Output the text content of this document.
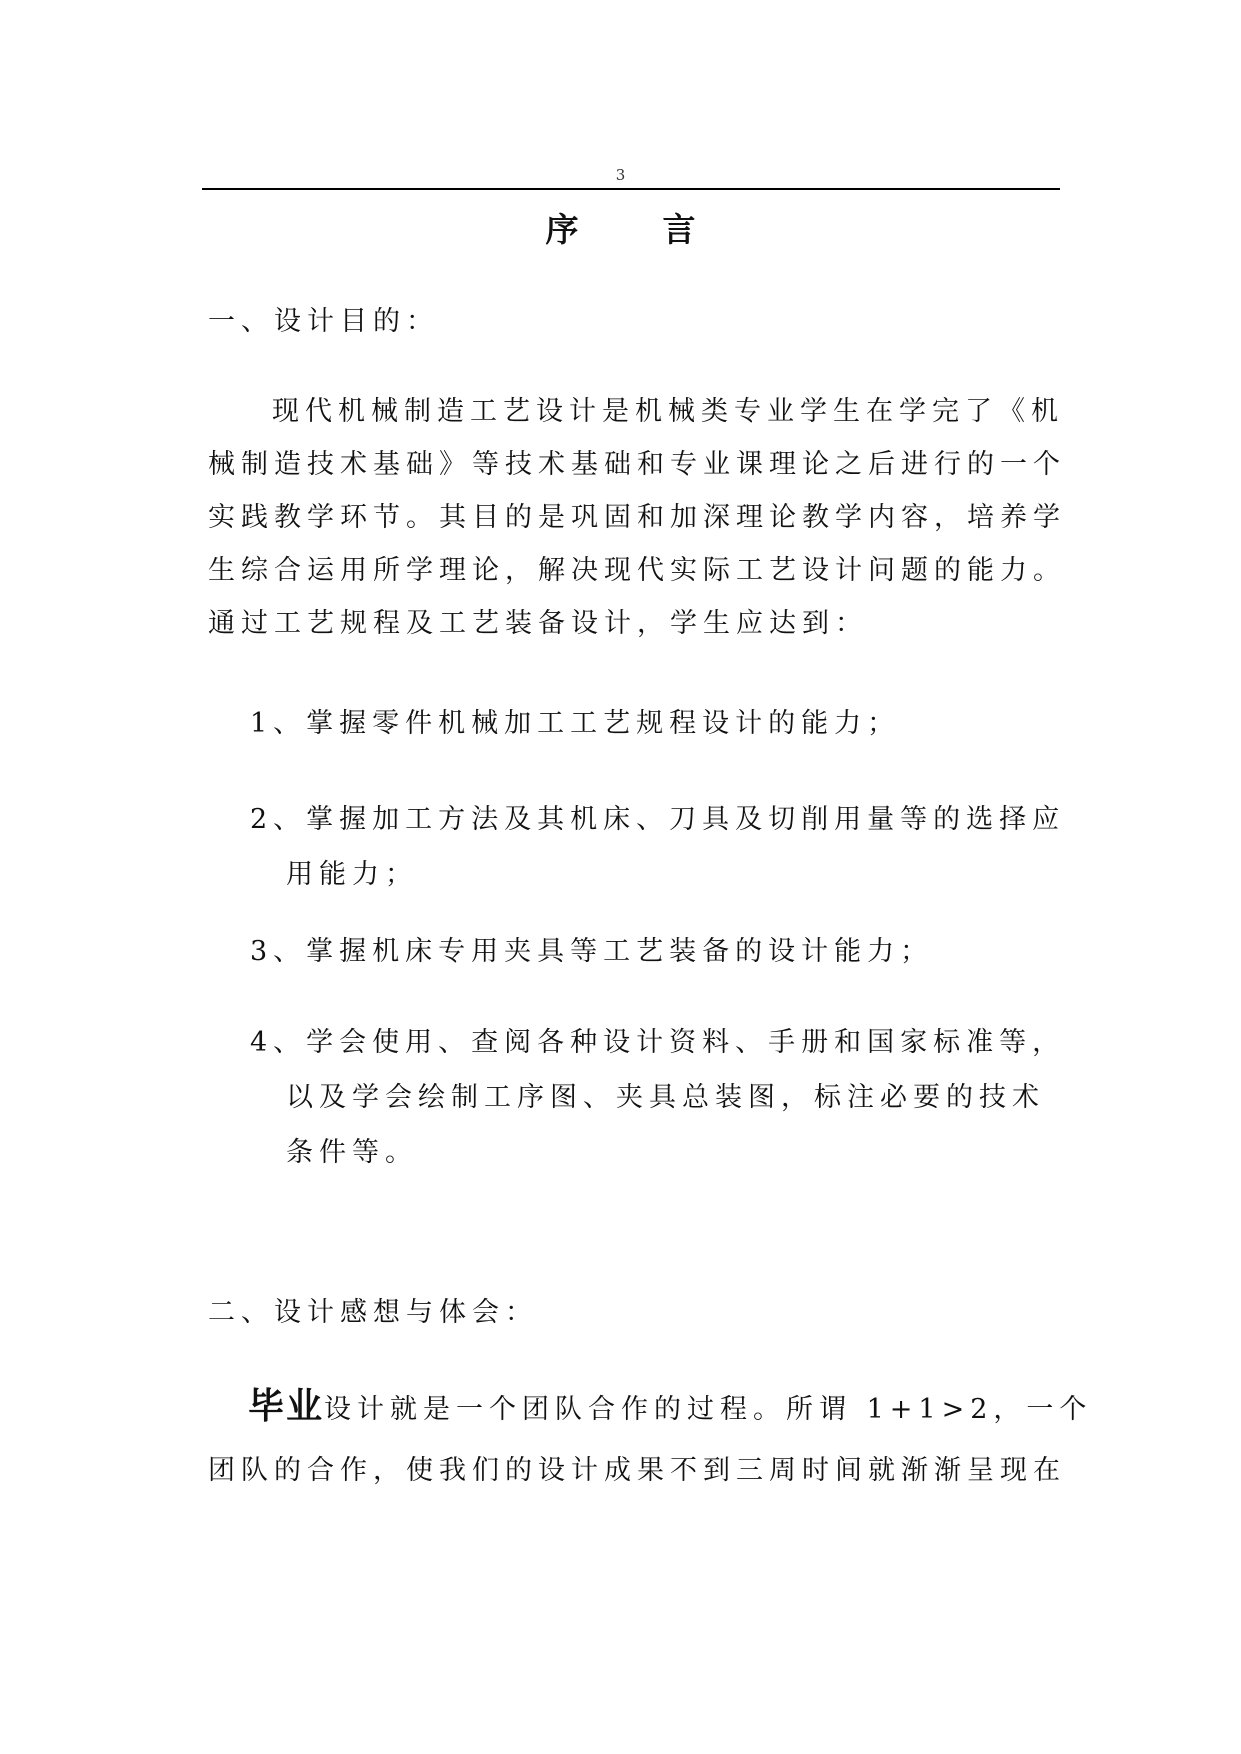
3
序	言
一、设计目的：
现代机械制造工艺设计是机械类专业学生在学完了《机
械制造技术基础》等技术基础和专业课理论之后进行的一个
实践教学环节。其目的是巩固和加深理论教学内容，培养学
生综合运用所学理论，解决现代实际工艺设计问题的能力。
通过工艺规程及工艺装备设计，学生应达到：
1、掌握零件机械加工工艺规程设计的能力；
2、掌握加工方法及其机床、刀具及切削用量等的选择应
用能力；
3、掌握机床专用夹具等工艺装备的设计能力；
4、学会使用、查阅各种设计资料、手册和国家标准等，
以及学会绘制工序图、夹具总装图，标注必要的技术
条件等。
二、设计感想与体会：
毕业设计就是一个团队合作的过程。所谓 1+1>2，一个
团队的合作，使我们的设计成果不到三周时间就渐渐呈现在
